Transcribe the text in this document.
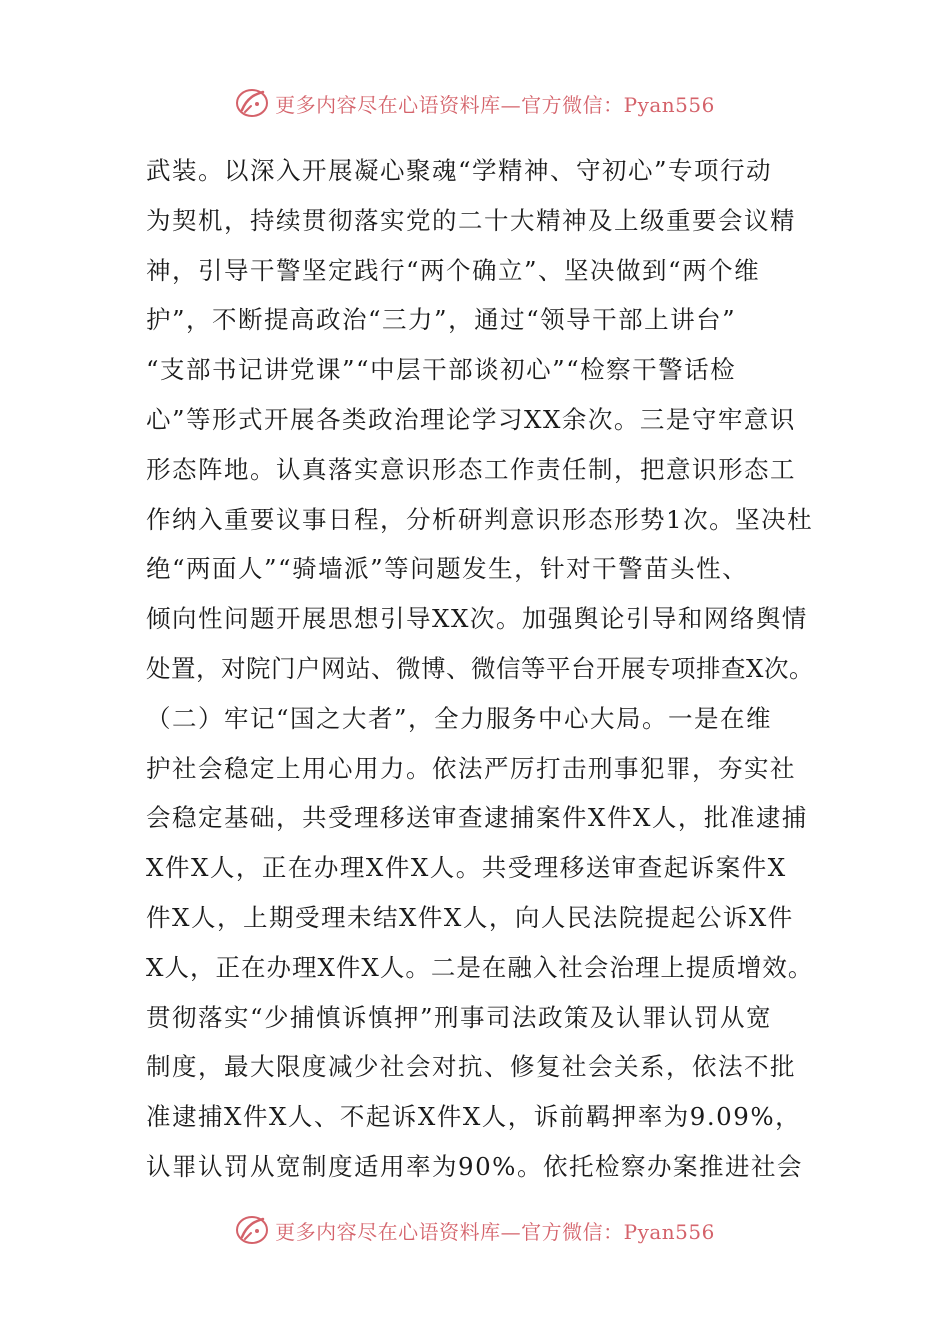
更多内容尽在心语资料库—官方微信：Pyan556
武装。以深入开展凝心聚魂“学精神、守初心”专项行动
为契机，持续贯彻落实党的二十大精神及上级重要会议精
神，引导干警坚定践行“两个确立”、坚决做到“两个维
护”，不断提高政治“三力”，通过“领导干部上讲台”
“支部书记讲党课”“中层干部谈初心”“检察干警话检
心”等形式开展各类政治理论学习XX余次。三是守牢意识
形态阵地。认真落实意识形态工作责任制，把意识形态工
作纳入重要议事日程，分析研判意识形态形势1次。坚决杜
绝“两面人”“骑墙派”等问题发生，针对干警苗头性、
倾向性问题开展思想引导XX次。加强舆论引导和网络舆情
处置，对院门户网站、微博、微信等平台开展专项排查X次。
（二）牢记“国之大者”，全力服务中心大局。一是在维
护社会稳定上用心用力。依法严厉打击刑事犯罪，夯实社
会稳定基础，共受理移送审查逮捕案件X件X人，批准逮捕
X件X人，正在办理X件X人。共受理移送审查起诉案件X
件X人，上期受理未结X件X人，向人民法院提起公诉X件
X人，正在办理X件X人。二是在融入社会治理上提质增效。
贯彻落实“少捕慎诉慎押”刑事司法政策及认罪认罚从宽
制度，最大限度减少社会对抗、修复社会关系，依法不批
准逮捕X件X人、不起诉X件X人，诉前羁押率为9.09%，
认罪认罚从宽制度适用率为90%。依托检察办案推进社会
更多内容尽在心语资料库—官方微信：Pyan556
